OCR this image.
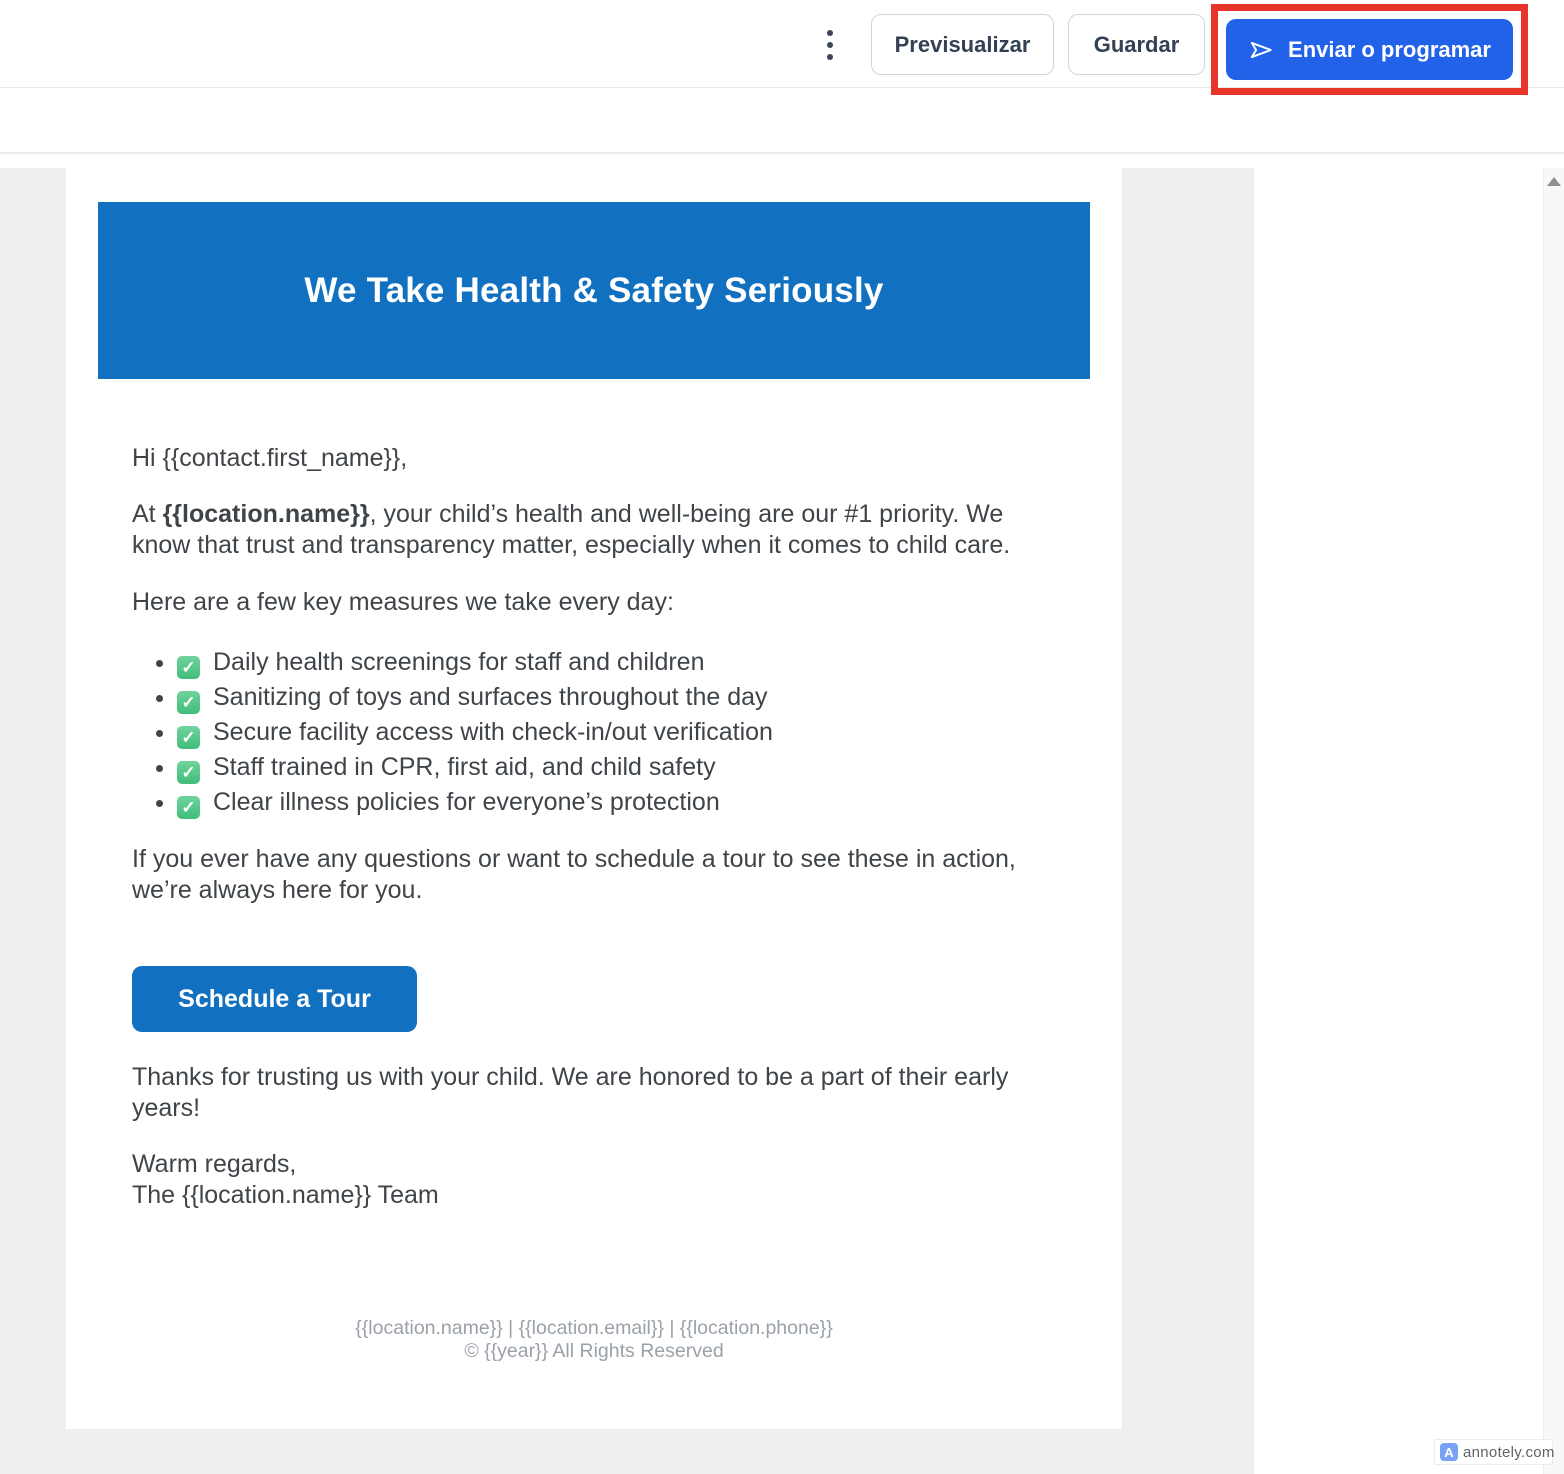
Previsualizar	Guardar	Enviar o programar
We Take Health & Safety Seriously

Hi {{contact.first_name}},

At {{location.name}}, your child’s health and well-being are our #1 priority. We know that trust and transparency matter, especially when it comes to child care.

Here are a few key measures we take every day:

• ✓ Daily health screenings for staff and children
• ✓ Sanitizing of toys and surfaces throughout the day
• ✓ Secure facility access with check-in/out verification
• ✓ Staff trained in CPR, first aid, and child safety
• ✓ Clear illness policies for everyone’s protection

If you ever have any questions or want to schedule a tour to see these in action, we’re always here for you.

Schedule a Tour

Thanks for trusting us with your child. We are honored to be a part of their early years!

Warm regards,
The {{location.name}} Team

{{location.name}} | {{location.email}} | {{location.phone}}
© {{year}} All Rights Reserved
A annotely.com
